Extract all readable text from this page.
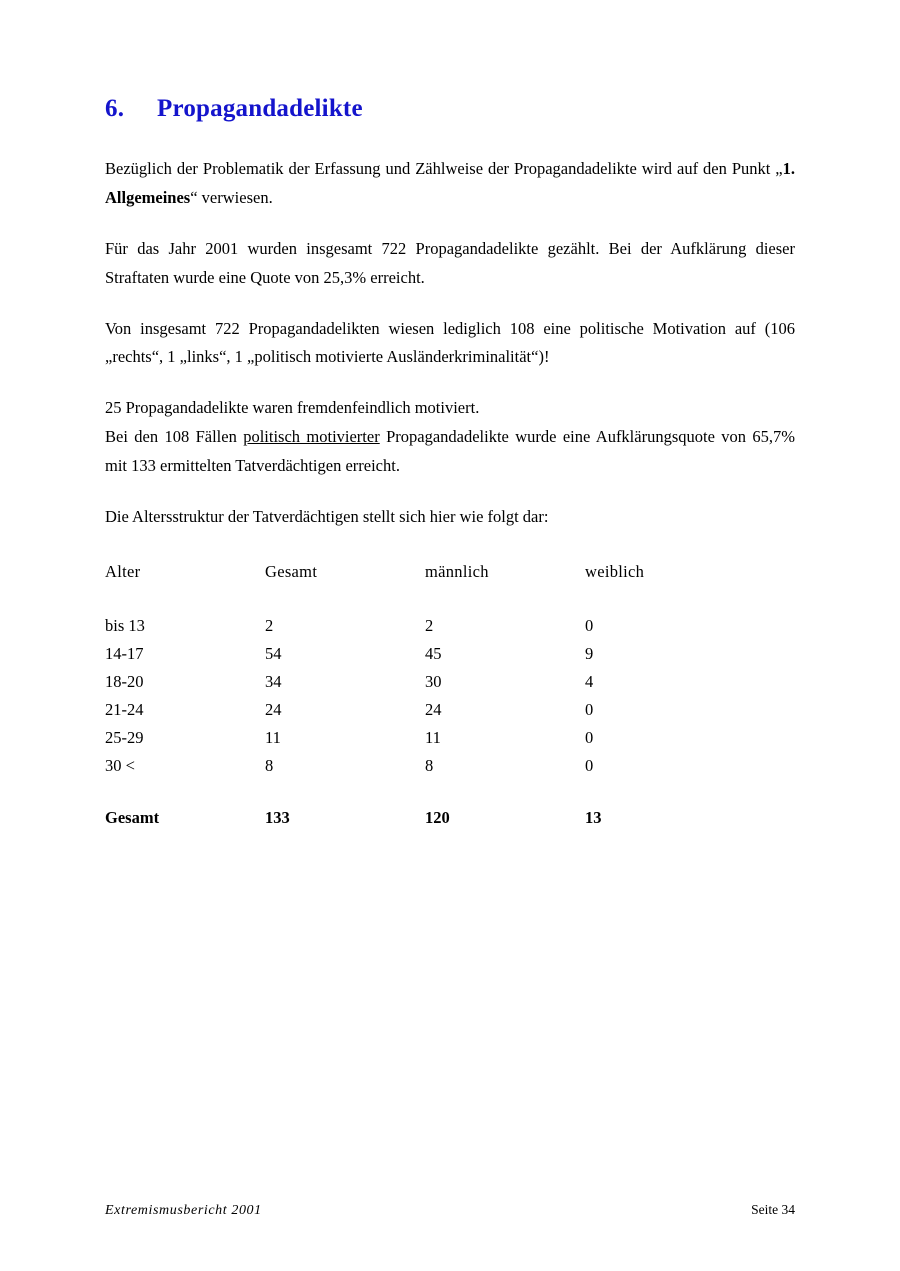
6. Propagandadelikte

Bezüglich der Problematik der Erfassung und Zählweise der Propagandadelikte wird auf den Punkt „1. Allgemeines“ verwiesen.

Für das Jahr 2001 wurden insgesamt 722 Propagandadelikte gezählt. Bei der Aufklärung dieser Straftaten wurde eine Quote von 25,3% erreicht.

Von insgesamt 722 Propagandadelikten wiesen lediglich 108 eine politische Motivation auf (106 „rechts“, 1 „links“, 1 „politisch motivierte Ausländerkriminalität“)!

25 Propagandadelikte waren fremdenfeindlich motiviert.

Bei den 108 Fällen politisch motivierter Propagandadelikte wurde eine Aufklärungsquote von 65,7% mit 133 ermittelten Tatverdächtigen erreicht.

Die Altersstruktur der Tatverdächtigen stellt sich hier wie folgt dar:

Alter	Gesamt	männlich	weiblich
bis 13	2	2	0
14-17	54	45	9
18-20	34	30	4
21-24	24	24	0
25-29	11	11	0
30 <	8	8	0
Gesamt	133	120	13
Extremismusbericht 2001	Seite 34
